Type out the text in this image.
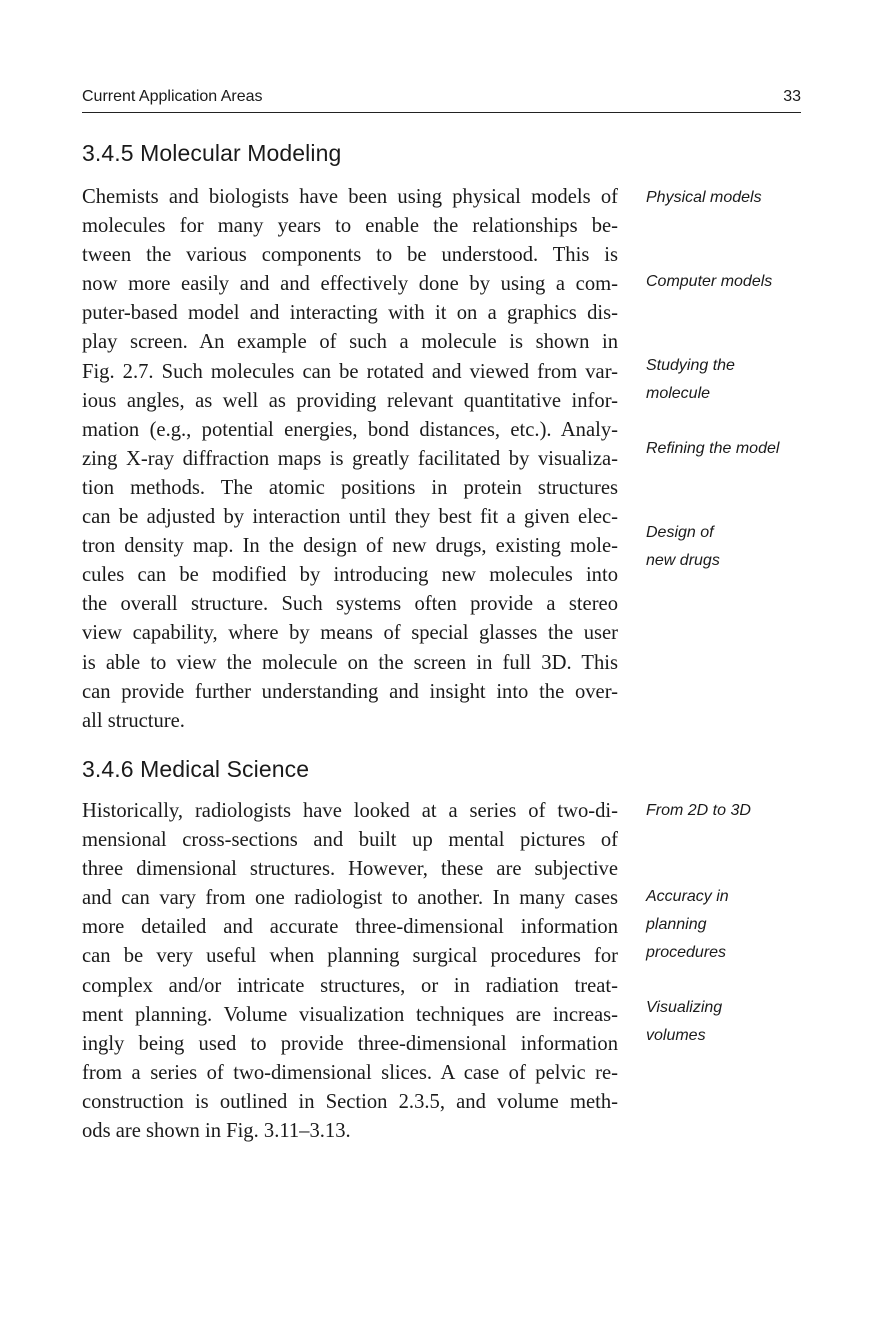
Current Application Areas	33
3.4.5 Molecular Modeling
Chemists and biologists have been using physical models of
molecules for many years to enable the relationships be-
tween the various components to be understood. This is
now more easily and and effectively done by using a com-
puter-based model and interacting with it on a graphics dis-
play screen. An example of such a molecule is shown in
Fig. 2.7. Such molecules can be rotated and viewed from var-
ious angles, as well as providing relevant quantitative infor-
mation (e.g., potential energies, bond distances, etc.). Analy-
zing X-ray diffraction maps is greatly facilitated by visualiza-
tion methods. The atomic positions in protein structures
can be adjusted by interaction until they best fit a given elec-
tron density map. In the design of new drugs, existing mole-
cules can be modified by introducing new molecules into
the overall structure. Such systems often provide a stereo
view capability, where by means of special glasses the user
is able to view the molecule on the screen in full 3D. This
can provide further understanding and insight into the over-
all structure.
Physical models
Computer models
Studying the
molecule
Refining the model
Design of
new drugs
3.4.6 Medical Science
Historically, radiologists have looked at a series of two-di-
mensional cross-sections and built up mental pictures of
three dimensional structures. However, these are subjective
and can vary from one radiologist to another. In many cases
more detailed and accurate three-dimensional information
can be very useful when planning surgical procedures for
complex and/or intricate structures, or in radiation treat-
ment planning. Volume visualization techniques are increas-
ingly being used to provide three-dimensional information
from a series of two-dimensional slices. A case of pelvic re-
construction is outlined in Section 2.3.5, and volume meth-
ods are shown in Fig. 3.11–3.13.
From 2D to 3D
Accuracy in
planning
procedures
Visualizing
volumes
